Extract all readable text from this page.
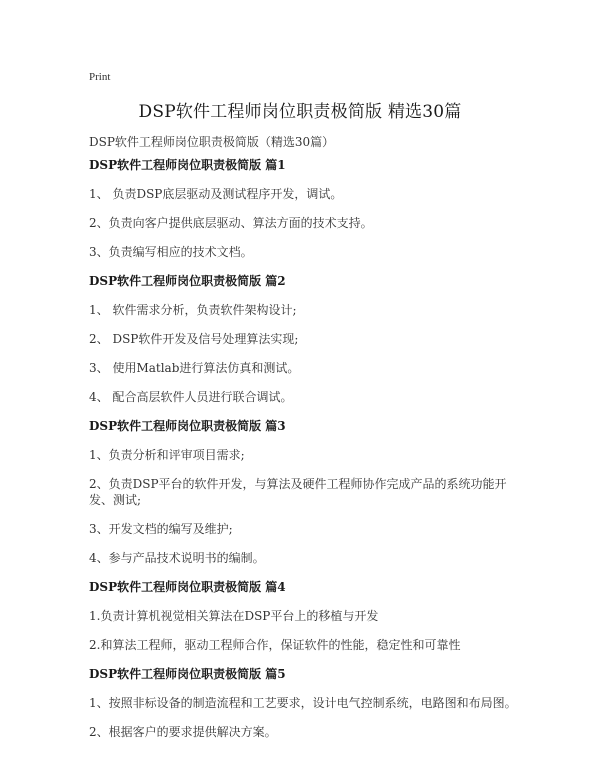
Print
DSP软件工程师岗位职责极简版 精选30篇
DSP软件工程师岗位职责极简版（精选30篇）
DSP软件工程师岗位职责极简版 篇1
1、 负责DSP底层驱动及测试程序开发，调试。
2、负责向客户提供底层驱动、算法方面的技术支持。
3、负责编写相应的技术文档。
DSP软件工程师岗位职责极简版 篇2
1、 软件需求分析，负责软件架构设计;
2、 DSP软件开发及信号处理算法实现;
3、 使用Matlab进行算法仿真和测试。
4、 配合高层软件人员进行联合调试。
DSP软件工程师岗位职责极简版 篇3
1、负责分析和评审项目需求;
2、负责DSP平台的软件开发，与算法及硬件工程师协作完成产品的系统功能开发、测试;
3、开发文档的编写及维护;
4、参与产品技术说明书的编制。
DSP软件工程师岗位职责极简版 篇4
1.负责计算机视觉相关算法在DSP平台上的移植与开发
2.和算法工程师，驱动工程师合作，保证软件的性能，稳定性和可靠性
DSP软件工程师岗位职责极简版 篇5
1、按照非标设备的制造流程和工艺要求，设计电气控制系统，电路图和布局图。
2、根据客户的要求提供解决方案。
